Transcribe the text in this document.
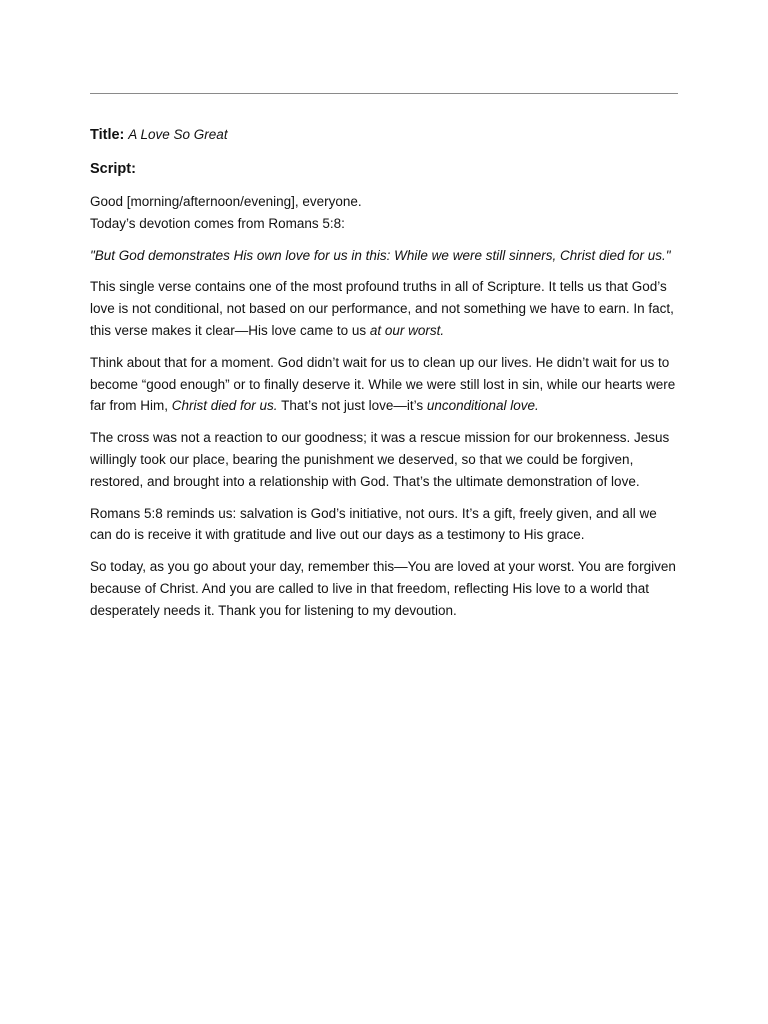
Title: A Love So Great
Script:

Good [morning/afternoon/evening], everyone.
Today’s devotion comes from Romans 5:8:

"But God demonstrates His own love for us in this: While we were still sinners, Christ died for us."

This single verse contains one of the most profound truths in all of Scripture. It tells us that God’s love is not conditional, not based on our performance, and not something we have to earn. In fact, this verse makes it clear—His love came to us at our worst.

Think about that for a moment. God didn’t wait for us to clean up our lives. He didn’t wait for us to become “good enough” or to finally deserve it. While we were still lost in sin, while our hearts were far from Him, Christ died for us. That’s not just love—it’s unconditional love.

The cross was not a reaction to our goodness; it was a rescue mission for our brokenness. Jesus willingly took our place, bearing the punishment we deserved, so that we could be forgiven, restored, and brought into a relationship with God. That’s the ultimate demonstration of love.

Romans 5:8 reminds us: salvation is God’s initiative, not ours. It’s a gift, freely given, and all we can do is receive it with gratitude and live out our days as a testimony to His grace.

So today, as you go about your day, remember this—You are loved at your worst. You are forgiven because of Christ. And you are called to live in that freedom, reflecting His love to a world that desperately needs it. Thank you for listening to my devoution.
